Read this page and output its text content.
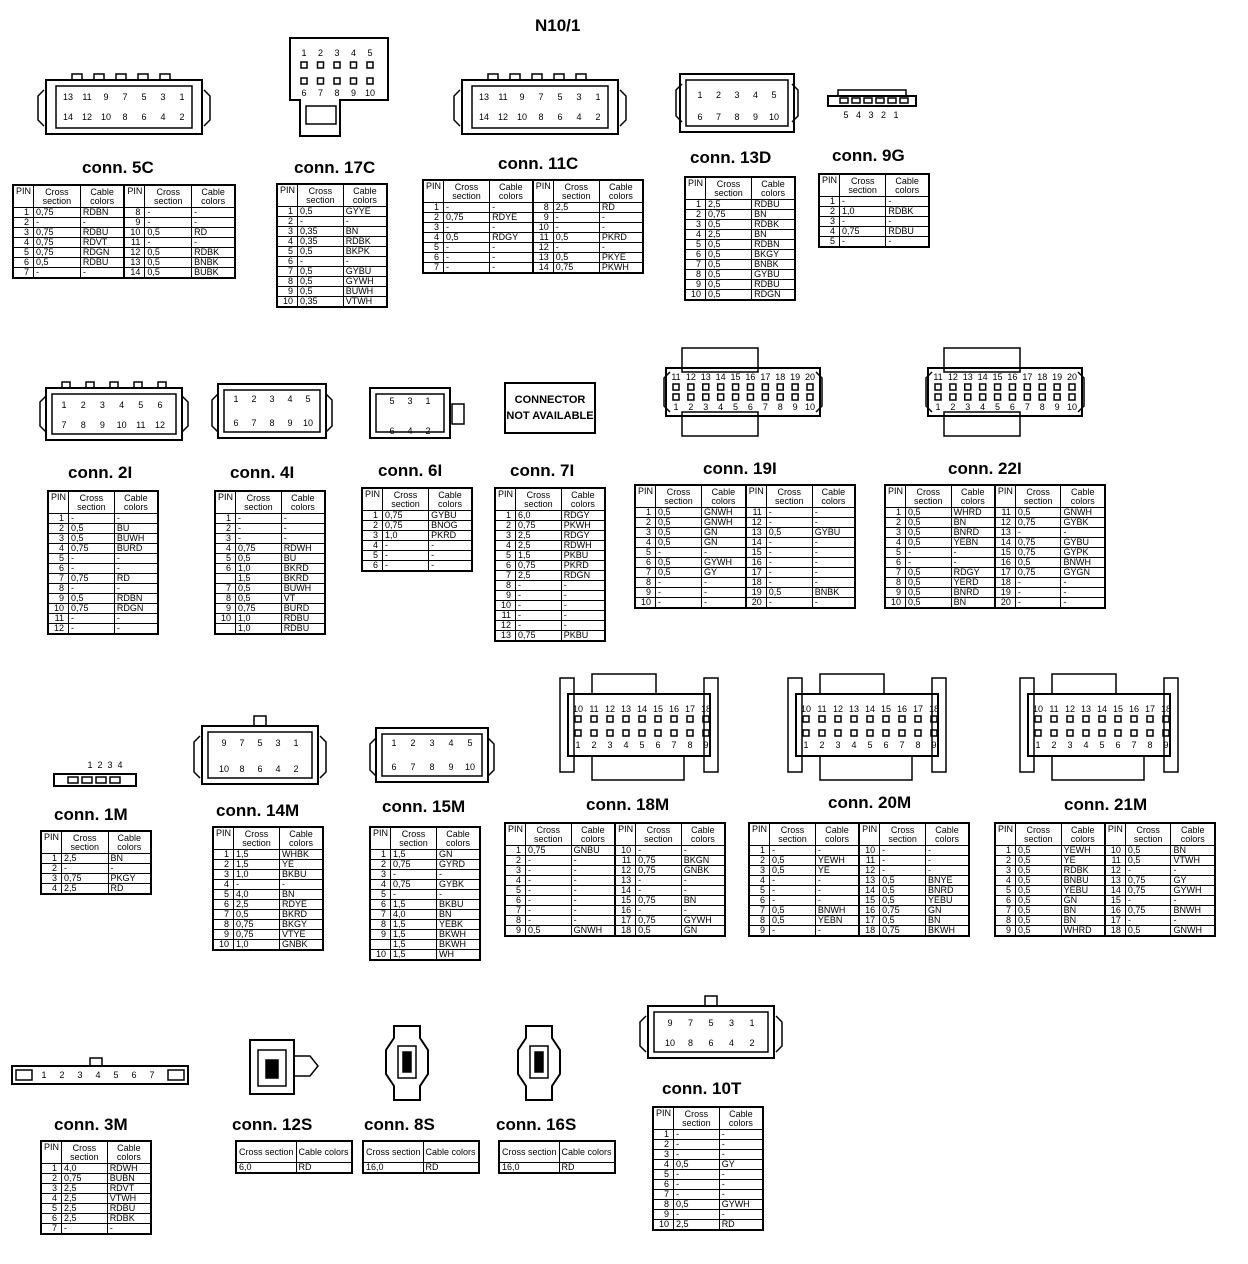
N10/1
13 11 9 7 5 3 1
14 12 10 8 6 4 2
1 2 3 4 5
6 7 8 9 10	13 11 9 7 5 3 1
14 12 10 8 6 4 2
1 2 3 4 5
6 7 8 9 10	5 4 3 2 1
1 2 3 4 5 6
7 8 9 10 11 12
1 2 3 4 5
6 7 8 9 10
5 3 1
6 4 2
CONNECTOR NOT AVAILABLE
11 12 13 14 15 16 17 18 19 20
1 2 3 4 5 6 7 8 9 10
11 12 13 14 15 16 17 18 19 20
1 2 3 4 5 6 7 8 9 10
1 2 3 4
9 7 5 3 1
10 8 6 4 2
1 2 3 4 5
6 7 8 9 10
10 11 12 13 14 15 16 17 18
1 2 3 4 5 6 7 8 9
10 11 12 13 14 15 16 17 18
1 2 3 4 5 6 7 8 9
10 11 12 13 14 15 16 17 18
1 2 3 4 5 6 7 8 9
1 2 3 4 5 6 7
9 7 5 3 1
10 8 6 4 2
conn. 5C	conn. 17C	conn. 11C	conn. 13D	conn. 9G
conn. 2I	conn. 4I	conn. 6I	conn. 7I	conn. 19I	conn. 22I
conn. 1M	conn. 14M	conn. 15M	conn. 18M	conn. 20M	conn. 21M
conn. 3M	conn. 12S	conn. 8S	conn. 16S
conn. 10T
PIN	Cross section	Cable colors	PIN	Cross section	Cable colors
1	0,75	RDBN	8	-	-
2	-	-	9	-	-
3	0,75	RDBU	10	0,5	RD
4	0,75	RDVT	11	-	-
5	0,75	RDGN	12	0,5	RDBK
6	0,5	RDBU	13	0,5	BNBK
7	-	-	14	0,5	BUBK
PIN	Cross section	Cable colors
1	0,5	GYYE
2	-	-
3	0,35	BN
4	0,35	RDBK
5	0,5	BKPK
6	-	-
7	0,5	GYBU
8	0,5	GYWH
9	0,5	BUWH
10	0,35	VTWH
PIN	Cross section	Cable colors	PIN	Cross section	Cable colors
1	-	-	8	2,5	RD
2	0,75	RDYE	9	-	-
3	-	-	10	-	-
4	0,5	RDGY	11	0,5	PKRD
5	-	-	12	-	-
6	-	-	13	0,5	PKYE
7	-	-	14	0,75	PKWH
PIN	Cross section	Cable colors
1	2,5	RDBU
2	0,75	BN
3	0,5	RDBK
4	2,5	BN
5	0,5	RDBN
6	0,5	BKGY
7	0,5	BNBK
8	0,5	GYBU
9	0,5	RDBU
10	0,5	RDGN
PIN	Cross section	Cable colors
1	-	-
2	1,0	RDBK
3	-	-
4	0,75	RDBU
5	-	-
PIN	Cross section	Cable colors
1	-	-
2	0,5	BU
3	0,5	BUWH
4	0,75	BURD
5	-	-
6	-	-
7	0,75	RD
8	-	-
9	0,5	RDBN
10	0,75	RDGN
11	-	-
12	-	-
PIN	Cross section	Cable colors
1	-	-
2	-	-
3	-	-
4	0,75	RDWH
5	0,5	BU
6	1,0	BKRD
	1,5	BKRD
7	0,5	BUWH
8	0,5	VT
9	0,75	BURD
10	1,0	RDBU
	1,0	RDBU
PIN	Cross section	Cable colors
1	0,75	GYBU
2	0,75	BNOG
3	1,0	PKRD
4	-	-
5	-	-
6	-	-
PIN	Cross section	Cable colors
1	6,0	RDGY
2	0,75	PKWH
3	2,5	RDGY
4	2,5	RDWH
5	1,5	PKBU
6	0,75	PKRD
7	2,5	RDGN
8	-	-
9	-	-
10	-	-
11	-	-
12	-	-
13	0,75	PKBU
PIN	Cross section	Cable colors	PIN	Cross section	Cable colors
1	0,5	GNWH	11	-	-
2	0,5	GNWH	12	-	-
3	0,5	GN	13	0,5	GYBU
4	0,5	GN	14	-	-
5	-	-	15	-	-
6	0,5	GYWH	16	-	-
7	0,5	GY	17	-	-
8	-	-	18	-	-
9	-	-	19	0,5	BNBK
10	-	-	20	-	-
PIN	Cross section	Cable colors	PIN	Cross section	Cable colors
1	0,5	WHRD	11	0,5	GNWH
2	0,5	BN	12	0,75	GYBK
3	0,5	BNRD	13	-	-
4	0,5	YEBN	14	0,75	GYBU
5	-	-	15	0,75	GYPK
6	-	-	16	0,5	BNWH
7	0,5	RDGY	17	0,75	GYGN
8	0,5	YERD	18	-	-
9	0,5	BNRD	19	-	-
10	0,5	BN	20	-	-
PIN	Cross section	Cable colors
1	2,5	BN
2	-	-
3	0,75	PKGY
4	2,5	RD
PIN	Cross section	Cable colors
1	1,5	WHBK
2	1,5	YE
3	1,0	BKBU
4	-	-
5	4,0	BN
6	2,5	RDYE
7	0,5	BKRD
8	0,75	BKGY
9	0,75	VTYE
10	1,0	GNBK
PIN	Cross section	Cable colors
1	1,5	GN
2	0,75	GYRD
3	-	-
4	0,75	GYBK
5	-	-
6	1,5	BKBU
7	4,0	BN
8	1,5	YEBK
9	1,5	BKWH
	1,5	BKWH
10	1,5	WH
PIN	Cross section	Cable colors	PIN	Cross section	Cable colors
1	0,75	GNBU	10	-	-
2	-	-	11	0,75	BKGN
3	-	-	12	0,75	GNBK
4	-	-	13	-	-
5	-	-	14	-	-
6	-	-	15	0,75	BN
7	-	-	16	-	-
8	-	-	17	0,75	GYWH
9	0,5	GNWH	18	0,5	GN
PIN	Cross section	Cable colors	PIN	Cross section	Cable colors
1	-	-	10	-	-
2	0,5	YEWH	11	-	-
3	0,5	YE	12	-	-
4	-	-	13	0,5	BNYE
5	-	-	14	0,5	BNRD
6	-	-	15	0,5	YEBU
7	0,5	BNWH	16	0,75	GN
8	0,5	YEBN	17	0,5	BN
9	-	-	18	0,75	BKWH
PIN	Cross section	Cable colors	PIN	Cross section	Cable colors
1	0,5	YEWH	10	0,5	BN
2	0,5	YE	11	0,5	VTWH
3	0,5	RDBK	12	-	-
4	0,5	BNBU	13	0,75	GY
5	0,5	YEBU	14	0,75	GYWH
6	0,5	GN	15	-	-
7	0,5	BN	16	0,75	BNWH
8	0,5	BN	17	-	-
9	0,5	WHRD	18	0,5	GNWH
PIN	Cross section	Cable colors
1	4,0	RDWH
2	0,75	BUBN
3	2,5	RDVT
4	2,5	VTWH
5	2,5	RDBU
6	2,5	RDBK
7	-	-
Cross section	Cable colors
6,0	RD
Cross section	Cable colors
16,0	RD
Cross section	Cable colors
16,0	RD
PIN	Cross section	Cable colors
1	-	-
2	-	-
3	-	-
4	0,5	GY
5	-	-
6	-	-
7	-	-
8	0,5	GYWH
9	-	-
10	2,5	RD
